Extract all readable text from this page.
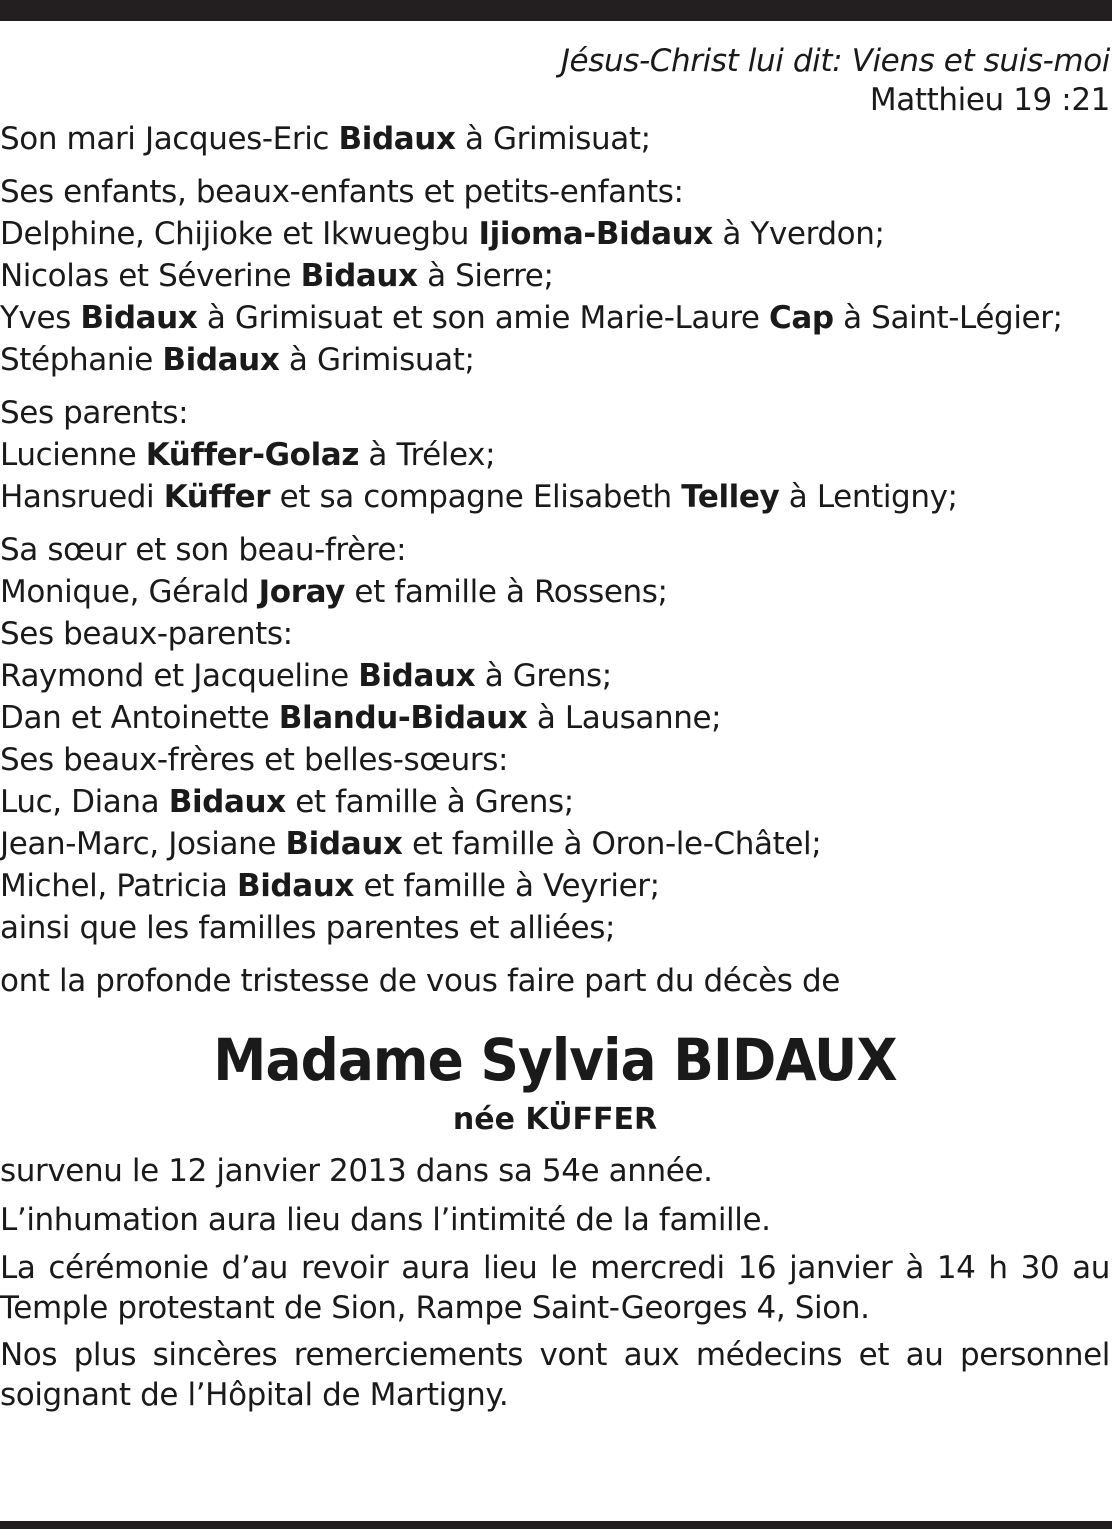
Jésus-Christ lui dit: Viens et suis-moi
Matthieu 19 :21
Son mari Jacques-Eric Bidaux à Grimisuat;
Ses enfants, beaux-enfants et petits-enfants:
Delphine, Chijioke et Ikwuegbu Ijioma-Bidaux à Yverdon;
Nicolas et Séverine Bidaux à Sierre;
Yves Bidaux à Grimisuat et son amie Marie-Laure Cap à Saint-Légier;
Stéphanie Bidaux à Grimisuat;
Ses parents:
Lucienne Küffer-Golaz à Trélex;
Hansruedi Küffer et sa compagne Elisabeth Telley à Lentigny;
Sa sœur et son beau-frère:
Monique, Gérald Joray et famille à Rossens;
Ses beaux-parents:
Raymond et Jacqueline Bidaux à Grens;
Dan et Antoinette Blandu-Bidaux à Lausanne;
Ses beaux-frères et belles-sœurs:
Luc, Diana Bidaux et famille à Grens;
Jean-Marc, Josiane Bidaux et famille à Oron-le-Châtel;
Michel, Patricia Bidaux et famille à Veyrier;
ainsi que les familles parentes et alliées;
ont la profonde tristesse de vous faire part du décès de
Madame Sylvia BIDAUX
née KÜFFER
survenu le 12 janvier 2013 dans sa 54e année.
L’inhumation aura lieu dans l’intimité de la famille.
La cérémonie d’au revoir aura lieu le mercredi 16 janvier à 14 h 30 au
Temple protestant de Sion, Rampe Saint-Georges 4, Sion.
Nos plus sincères remerciements vont aux médecins et au personnel
soignant de l’Hôpital de Martigny.
